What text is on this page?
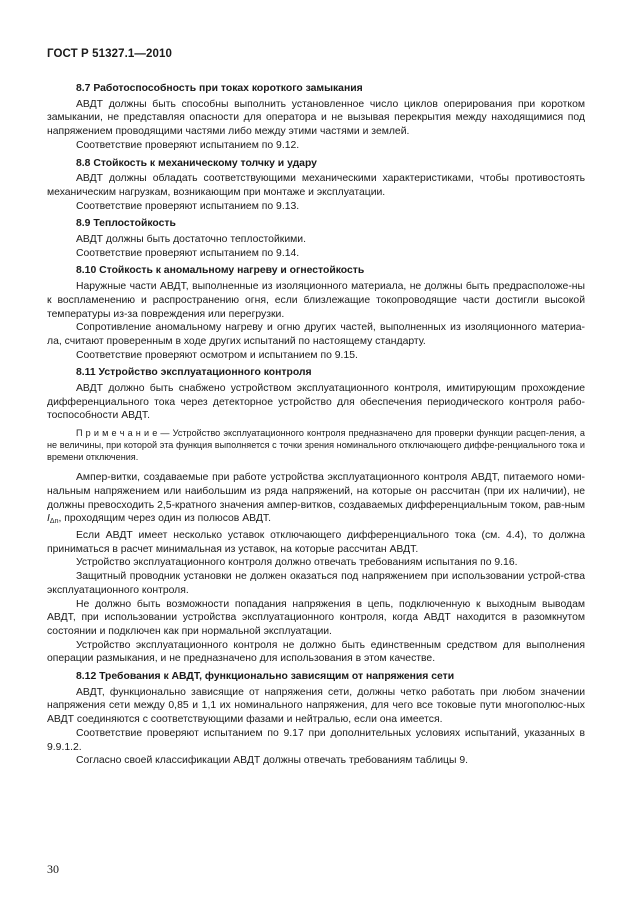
ГОСТ Р 51327.1—2010
8.7 Работоспособность при токах короткого замыкания

АВДТ должны быть способны выполнить установленное число циклов оперирования при коротком замыкании, не представляя опасности для оператора и не вызывая перекрытия между находящимися под напряжением проводящими частями либо между этими частями и землей.

Соответствие проверяют испытанием по 9.12.

8.8 Стойкость к механическому толчку и удару

АВДТ должны обладать соответствующими механическими характеристиками, чтобы противостоять механическим нагрузкам, возникающим при монтаже и эксплуатации.

Соответствие проверяют испытанием по 9.13.

8.9 Теплостойкость

АВДТ должны быть достаточно теплостойкими.

Соответствие проверяют испытанием по 9.14.

8.10 Стойкость к аномальному нагреву и огнестойкость

Наружные части АВДТ, выполненные из изоляционного материала, не должны быть предрасположе-ны к воспламенению и распространению огня, если близлежащие токопроводящие части достигли высокой температуры из-за повреждения или перегрузки.

Сопротивление аномальному нагреву и огню других частей, выполненных из изоляционного материа-ла, считают проверенным в ходе других испытаний по настоящему стандарту.

Соответствие проверяют осмотром и испытанием по 9.15.

8.11 Устройство эксплуатационного контроля

АВДТ должно быть снабжено устройством эксплуатационного контроля, имитирующим прохождение дифференциального тока через детекторное устройство для обеспечения периодического контроля рабо-тоспособности АВДТ.

П р и м е ч а н и е — Устройство эксплуатационного контроля предназначено для проверки функции расцеп-ления, а не величины, при которой эта функция выполняется с точки зрения номинального отключающего диффе-ренциального тока и времени отключения.

Ампер-витки, создаваемые при работе устройства эксплуатационного контроля АВДТ, питаемого номи-нальным напряжением или наибольшим из ряда напряжений, на которые он рассчитан (при их наличии), не должны превосходить 2,5-кратного значения ампер-витков, создаваемых дифференциальным током, рав-ным $I_{\Delta n}$, проходящим через один из полюсов АВДТ.

Если АВДТ имеет несколько уставок отключающего дифференциального тока (см. 4.4), то должна приниматься в расчет минимальная из уставок, на которые рассчитан АВДТ.

Устройство эксплуатационного контроля должно отвечать требованиям испытания по 9.16.

Защитный проводник установки не должен оказаться под напряжением при использовании устрой-ства эксплуатационного контроля.

Не должно быть возможности попадания напряжения в цепь, подключенную к выходным выводам АВДТ, при использовании устройства эксплуатационного контроля, когда АВДТ находится в разомкнутом состоянии и подключен как при нормальной эксплуатации.

Устройство эксплуатационного контроля не должно быть единственным средством для выполнения операции размыкания, и не предназначено для использования в этом качестве.

8.12 Требования к АВДТ, функционально зависящим от напряжения сети

АВДТ, функционально зависящие от напряжения сети, должны четко работать при любом значении напряжения сети между 0,85 и 1,1 их номинального напряжения, для чего все токовые пути многополюс-ных АВДТ соединяются с соответствующими фазами и нейтралью, если она имеется.

Соответствие проверяют испытанием по 9.17 при дополнительных условиях испытаний, указанных в 9.9.1.2.

Согласно своей классификации АВДТ должны отвечать требованиям таблицы 9.

30
